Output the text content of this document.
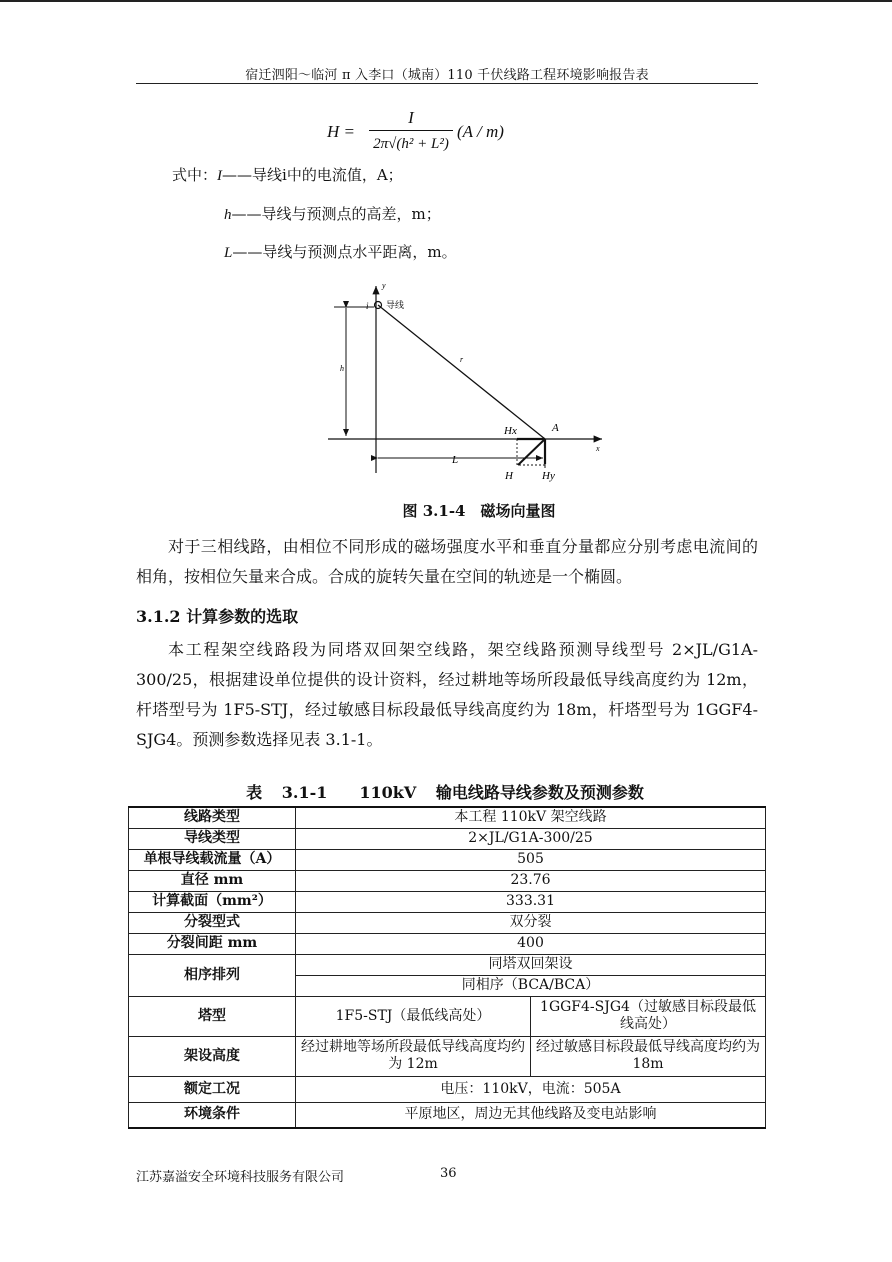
宿迁泗阳～临河 π 入李口（城南）110 千伏线路工程环境影响报告表
H =
I
2π√(h² + L²)
(A / m)
式中：I——导线i中的电流值，A；
h——导线与预测点的高差，m；
L——导线与预测点水平距离，m。
y
x
i 导线
h
r
A
Hx
L
H	Hy
图 3.1-4　磁场向量图

对于三相线路，由相位不同形成的磁场强度水平和垂直分量都应分别考虑电流间的相角，按相位矢量来合成。合成的旋转矢量在空间的轨迹是一个椭圆。

3.1.2 计算参数的选取

本工程架空线路段为同塔双回架空线路，架空线路预测导线型号 2×JL/G1A-300/25，根据建设单位提供的设计资料，经过耕地等场所段最低导线高度约为 12m，杆塔型号为 1F5-STJ，经过敏感目标段最低导线高度约为 18m，杆塔型号为 1GGF4-SJG4。预测参数选择见表 3.1-1。

表 3.1-1　　110kV 输电线路导线参数及预测参数
线路类型	本工程 110kV 架空线路	
导线类型	2×JL/G1A-300/25	
单根导线载流量（A）	505	
直径 mm	23.76	
计算截面（mm²）	333.31	
分裂型式	双分裂	
分裂间距 mm	400	
相序排列	同塔双回架设	
	同相序（BCA/BCA）	
塔型	1F5-STJ（最低线高处）	1GGF4-SJG4（过敏感目标段最低线高处）
架设高度	经过耕地等场所段最低导线高度均约为 12m	经过敏感目标段最低导线高度均约为 18m
额定工况	电压：110kV，电流：505A	
环境条件	平原地区，周边无其他线路及变电站影响	
江苏嘉溢安全环境科技服务有限公司	36
